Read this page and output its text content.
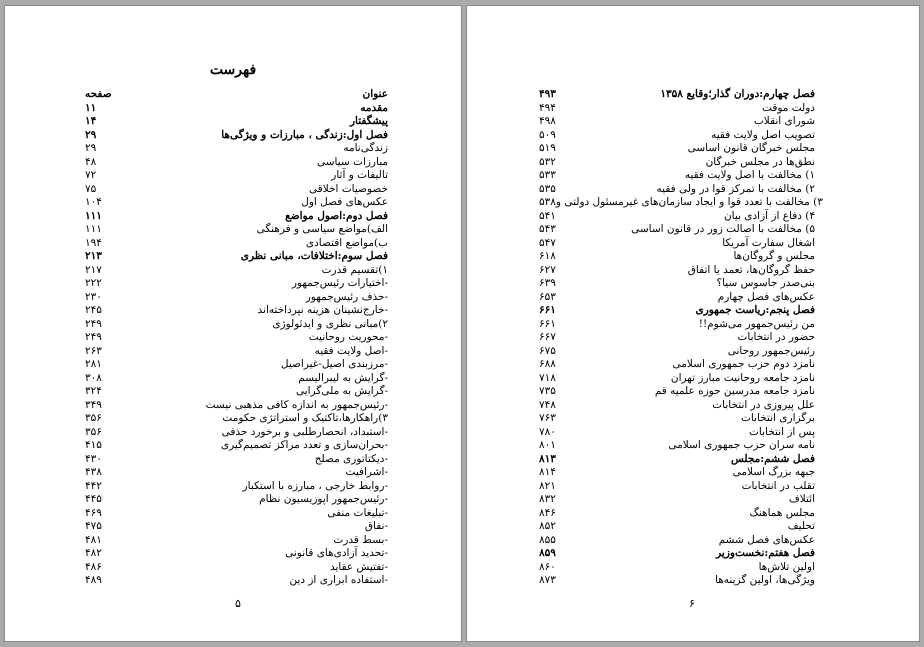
فهرست
صفحه	عنوان
۱۱	مقدمه
۱۴	پیشگفتار
۲۹	فصل اول:زندگی ، مبارزات و ویژگی‌ها
۲۹	زندگی‌نامه
۴۸	مبارزات سیاسی
۷۲	تالیفات و آثار
۷۵	خصوصیات اخلاقی
۱۰۴	عکس‌های فصل اول
۱۱۱	فصل دوم:اصول مواضع
۱۱۱	الف)مواضع سیاسی و فرهنگی
۱۹۴	ب)مواضع اقتصادی
۲۱۳	فصل سوم:اختلافات، مبانی نظری
۲۱۷	۱)تقسیم قدرت
۲۲۲	-اختیارات رئیس‌جمهور
۲۳۰	-حذف رئیس‌جمهور
۲۴۵	-خارج‌نشینان هزینه نپرداخته‌اند
۲۴۹	۲)مبانی نظری و ایدئولوژی
۲۴۹	-محوریت روحانیت
۲۶۳	-اصل ولایت فقیه
۲۸۱	-مرزبندی اصیل-غیراصیل
۳۰۸	-گرایش به لیبرالیسم
۳۲۴	-گرایش به ملی‌گرایی
۳۴۹	-رئیس‌جمهور به اندازه کافی مذهبی نیست
۳۵۶	۳)راهکارها،تاکتیک و استراتژی حکومت
۳۵۶	-استبداد، انحصارطلبی و برخورد حذفی
۴۱۵	-بحران‌سازی و تعدد مراکز تصمیم‌گیری
۴۳۰	-دیکتاتوری مصلح
۴۳۸	-اشرافیت
۴۴۲	-روابط خارجی ، مبارزه با استکبار
۴۴۵	-رئیس‌جمهور اپوزیسیون نظام
۴۶۹	-تبلیغات منفی
۴۷۵	-نفاق
۴۸۱	-بسط قدرت
۴۸۲	-تحدید آزادی‌های قانونی
۴۸۶	-تفتیش عقاید
۴۸۹	-استفاده ابزاری از دین
۵
۴۹۳	فصل چهارم:دوران گذار؛وقایع ۱۳۵۸
۴۹۴	دولت موقت
۴۹۸	شورای انقلاب
۵۰۹	تصویب اصل ولایت فقیه
۵۱۹	مجلس خبرگان قانون اساسی
۵۳۲	نطق‌ها در مجلس خبرگان
۵۳۳	۱) مخالفت با اصل ولایت فقیه
۵۳۵	۲) مخالفت با تمرکز قوا در ولی فقیه
۵۳۸ ۳) مخالفت با تعدد قوا و ایجاد سازمان‌های غیرمسئول دولتی و
۵۴۱	۴) دفاع از آزادی بیان
۵۴۳	۵) مخالفت با اصالت زور در قانون اساسی
۵۴۷	اشغال سفارت آمریکا
۶۱۸	مجلس و گروگان‌ها
۶۲۷	حفظ گروگان‌ها، تعمد یا اتفاق
۶۳۹	بنی‌صدر جاسوس سیا؟
۶۵۳	عکس‌های فصل چهارم
۶۶۱	فصل پنجم:ریاست جمهوری
۶۶۱	من رئیس‌جمهور می‌شوم!!
۶۶۷	حضور در انتخابات
۶۷۵	رئیس‌جمهور روحانی
۶۸۸	نامزد دوم حزب جمهوری اسلامی
۷۱۸	نامزد جامعه روحانیت مبارز تهران
۷۳۵	نامزد جامعه مدرسین حوزه علمیه قم
۷۴۸	علل پیروزی در انتخابات
۷۶۳	برگزاری انتخابات
۷۸۰	پس از انتخابات
۸۰۱	نامه سران حزب جمهوری اسلامی
۸۱۳	فصل ششم:مجلس
۸۱۴	جبهه بزرگ اسلامی
۸۲۱	تقلب در انتخابات
۸۳۲	ائتلاف
۸۴۶	مجلس هماهنگ
۸۵۲	تحلیف
۸۵۵	عکس‌های فصل ششم
۸۵۹	فصل هفتم:نخست‌وزیر
۸۶۰	اولین تلاش‌ها
۸۷۳	ویژگی‌ها، اولین گزینه‌ها
۶
